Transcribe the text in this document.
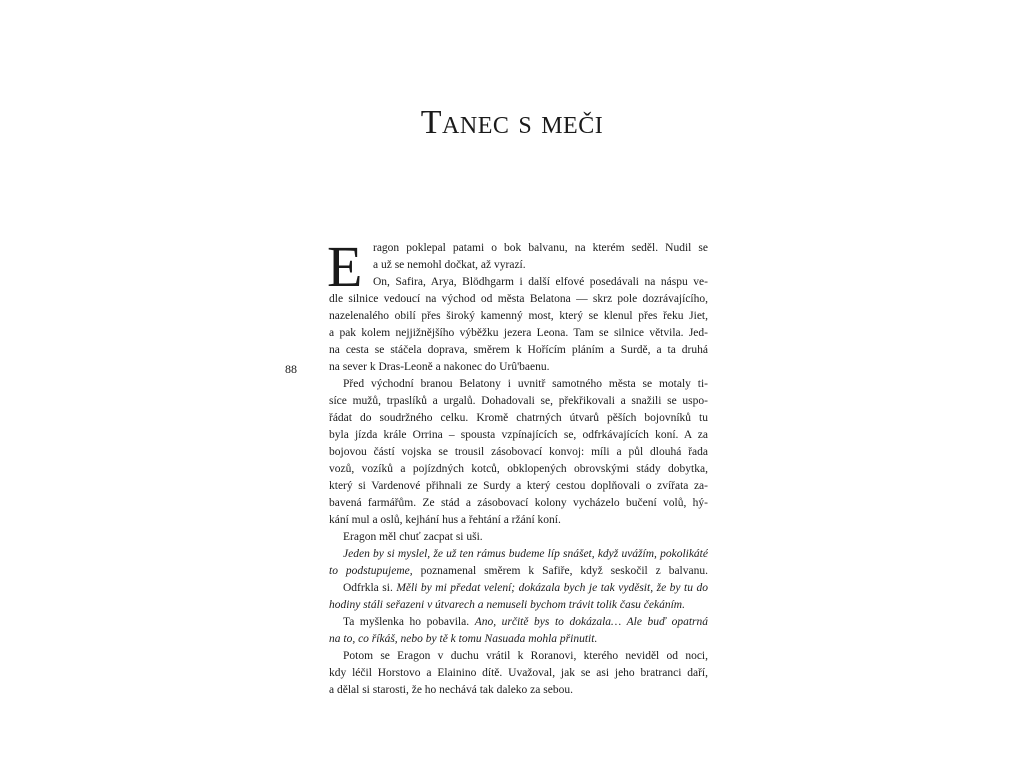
Tanec s meči
88
E ragon poklepal patami o bok balvanu, na kterém seděl. Nudil se
a už se nemohl dočkat, až vyrazí.
On, Safira, Arya, Blödhgarm i další elfové posedávali na náspu ve-
dle silnice vedoucí na východ od města Belatona — skrz pole dozrávajícího,
nazelenalého obilí přes široký kamenný most, který se klenul přes řeku Jiet,
a pak kolem nejjižnějšího výběžku jezera Leona. Tam se silnice větvila. Jed-
na cesta se stáčela doprava, směrem k Hořícím pláním a Surdě, a ta druhá
na sever k Dras-Leoně a nakonec do Urû'baenu.
Před východní branou Belatony i uvnitř samotného města se motaly ti-
síce mužů, trpaslíků a urgalů. Dohadovali se, překřikovali a snažili se uspo-
řádat do soudržného celku. Kromě chatrných útvarů pěších bojovníků tu
byla jízda krále Orrina – spousta vzpínajících se, odfrkávajících koní. A za
bojovou částí vojska se trousil zásobovací konvoj: míli a půl dlouhá řada
vozů, vozíků a pojízdných kotců, obklopených obrovskými stády dobytka,
který si Vardenové přihnali ze Surdy a který cestou doplňovali o zvířata za-
bavená farmářům. Ze stád a zásobovací kolony vycházelo bučení volů, hý-
kání mul a oslů, kejhání hus a řehtání a ržání koní.
Eragon měl chuť zacpat si uši.
Jeden by si myslel, že už ten rámus budeme líp snášet, když uvážím, pokolikáté
to podstupujeme, poznamenal směrem k Safiře, když seskočil z balvanu.
Odfrkla si. Měli by mi předat velení; dokázala bych je tak vyděsit, že by tu do
hodiny stáli seřazeni v útvarech a nemuseli bychom trávit tolik času čekáním.
Ta myšlenka ho pobavila. Ano, určitě bys to dokázala… Ale buď opatrná
na to, co říkáš, nebo by tě k tomu Nasuada mohla přinutit.
Potom se Eragon v duchu vrátil k Roranovi, kterého neviděl od noci,
kdy léčil Horstovo a Elainino dítě. Uvažoval, jak se asi jeho bratranci daří,
a dělal si starosti, že ho nechává tak daleko za sebou.
